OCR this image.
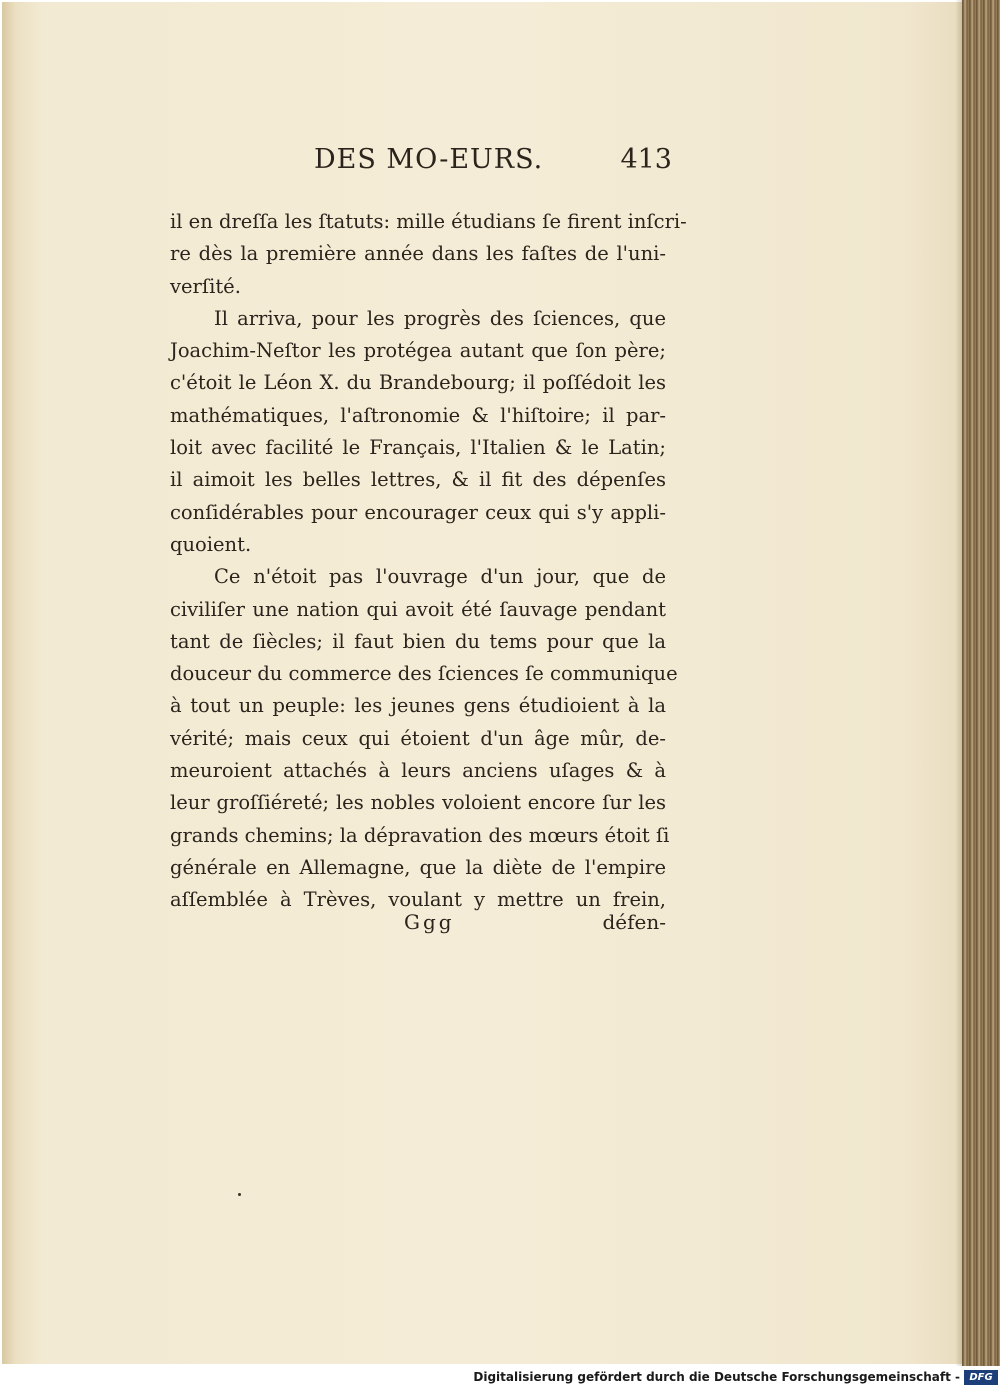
DES MO-EURS.	413
il en dreſſa les ſtatuts: mille étudians ſe firent inſcri-
re dès la première année dans les faſtes de l'uni-
verſité.
Il arriva, pour les progrès des ſciences, que
Joachim-Neſtor les protégea autant que ſon père;
c'étoit le Léon X. du Brandebourg; il poſſédoit les
mathématiques, l'aſtronomie & l'hiſtoire; il par-
loit avec facilité le Français, l'Italien & le Latin;
il aimoit les belles lettres, & il fit des dépenſes
conſidérables pour encourager ceux qui s'y appli-
quoient.
Ce n'étoit pas l'ouvrage d'un jour, que de
civiliſer une nation qui avoit été ſauvage pendant
tant de ſiècles; il faut bien du tems pour que la
douceur du commerce des ſciences ſe communique
à tout un peuple: les jeunes gens étudioient à la
vérité; mais ceux qui étoient d'un âge mûr, de-
meuroient attachés à leurs anciens uſages & à
leur groſſiéreté; les nobles voloient encore ſur les
grands chemins; la dépravation des mœurs étoit ſi
générale en Allemagne, que la diète de l'empire
aſſemblée à Trèves, voulant y mettre un frein,
Ggg	défen-
Digitalisierung gefördert durch die Deutsche Forschungsgemeinschaft - DFG
